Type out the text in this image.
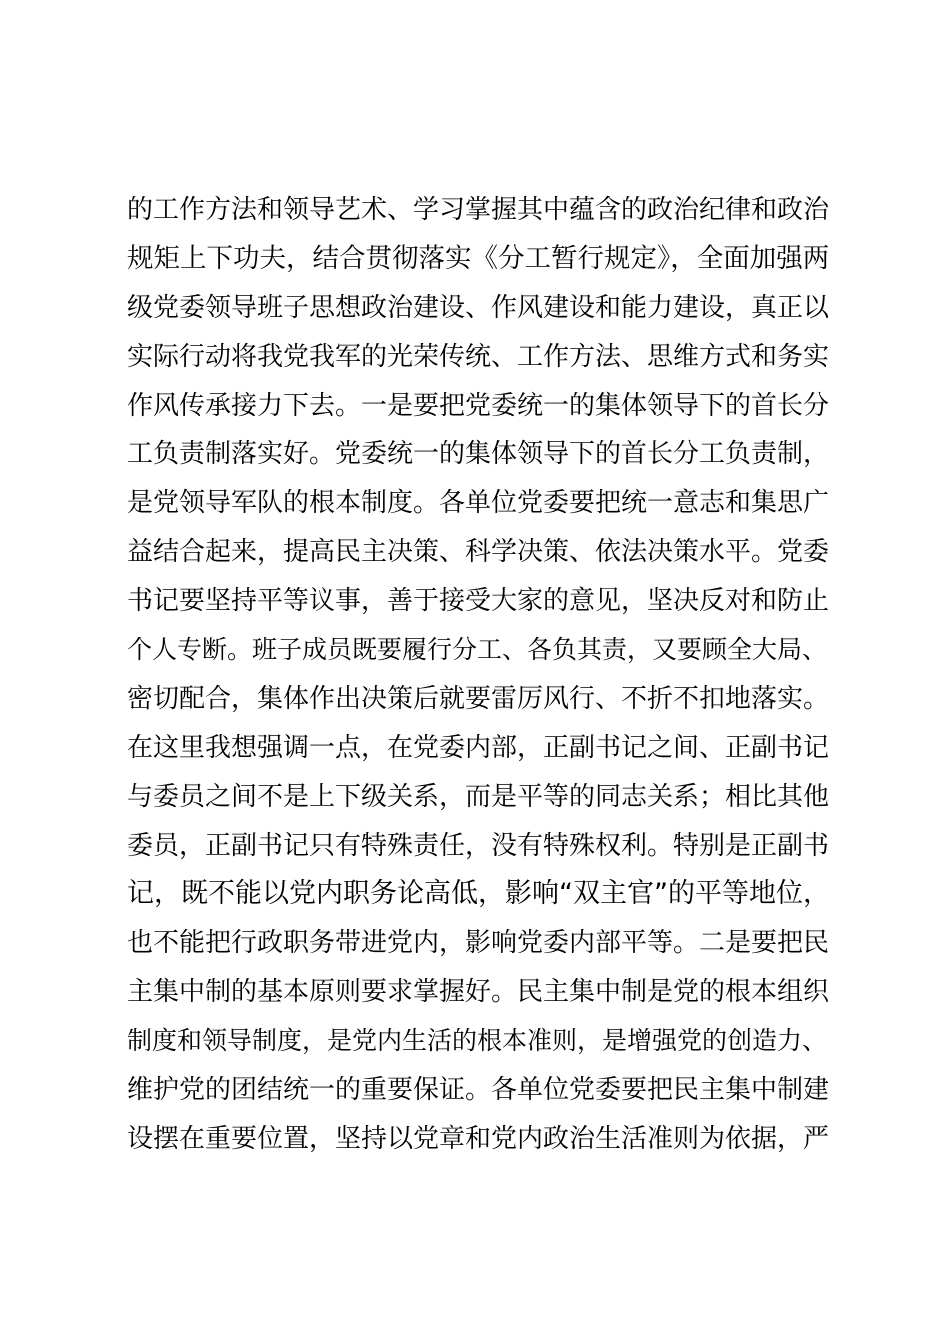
的工作方法和领导艺术、学习掌握其中蕴含的政治纪律和政治
规矩上下功夫，结合贯彻落实《分工暂行规定》，全面加强两
级党委领导班子思想政治建设、作风建设和能力建设，真正以
实际行动将我党我军的光荣传统、工作方法、思维方式和务实
作风传承接力下去。一是要把党委统一的集体领导下的首长分
工负责制落实好。党委统一的集体领导下的首长分工负责制，
是党领导军队的根本制度。各单位党委要把统一意志和集思广
益结合起来，提高民主决策、科学决策、依法决策水平。党委
书记要坚持平等议事，善于接受大家的意见，坚决反对和防止
个人专断。班子成员既要履行分工、各负其责，又要顾全大局、
密切配合，集体作出决策后就要雷厉风行、不折不扣地落实。
在这里我想强调一点，在党委内部，正副书记之间、正副书记
与委员之间不是上下级关系，而是平等的同志关系；相比其他
委员，正副书记只有特殊责任，没有特殊权利。特别是正副书
记，既不能以党内职务论高低，影响“双主官”的平等地位，
也不能把行政职务带进党内，影响党委内部平等。二是要把民
主集中制的基本原则要求掌握好。民主集中制是党的根本组织
制度和领导制度，是党内生活的根本准则，是增强党的创造力、
维护党的团结统一的重要保证。各单位党委要把民主集中制建
设摆在重要位置，坚持以党章和党内政治生活准则为依据，严
